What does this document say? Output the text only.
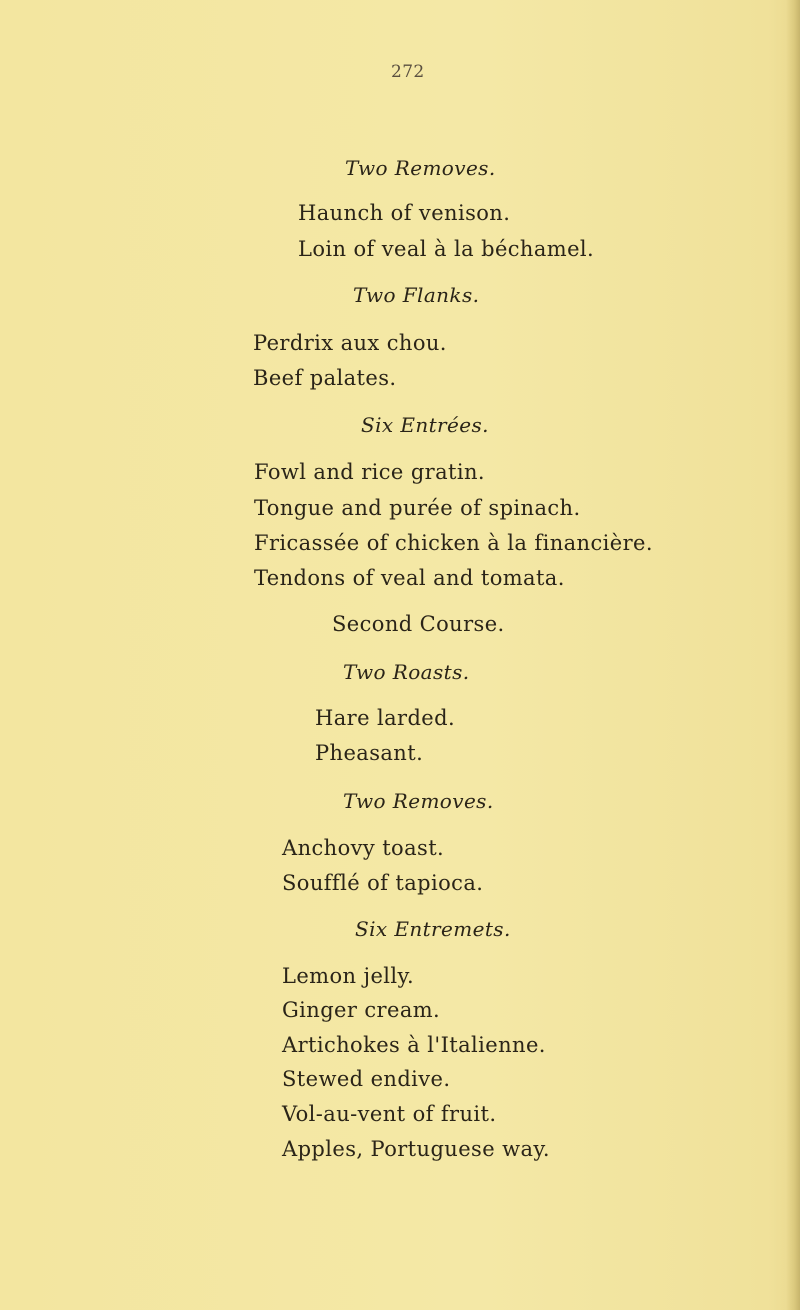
272
Two Removes.
Haunch of venison.
Loin of veal à la béchamel.
Two Flanks.
Perdrix aux chou.
Beef palates.
Six Entrées.
Fowl and rice gratin.
Tongue and purée of spinach.
Fricassée of chicken à la financière.
Tendons of veal and tomata.
Second Course.
Two Roasts.
Hare larded.
Pheasant.
Two Removes.
Anchovy toast.
Soufflé of tapioca.
Six Entremets.
Lemon jelly.
Ginger cream.
Artichokes à l'Italienne.
Stewed endive.
Vol-au-vent of fruit.
Apples, Portuguese way.
